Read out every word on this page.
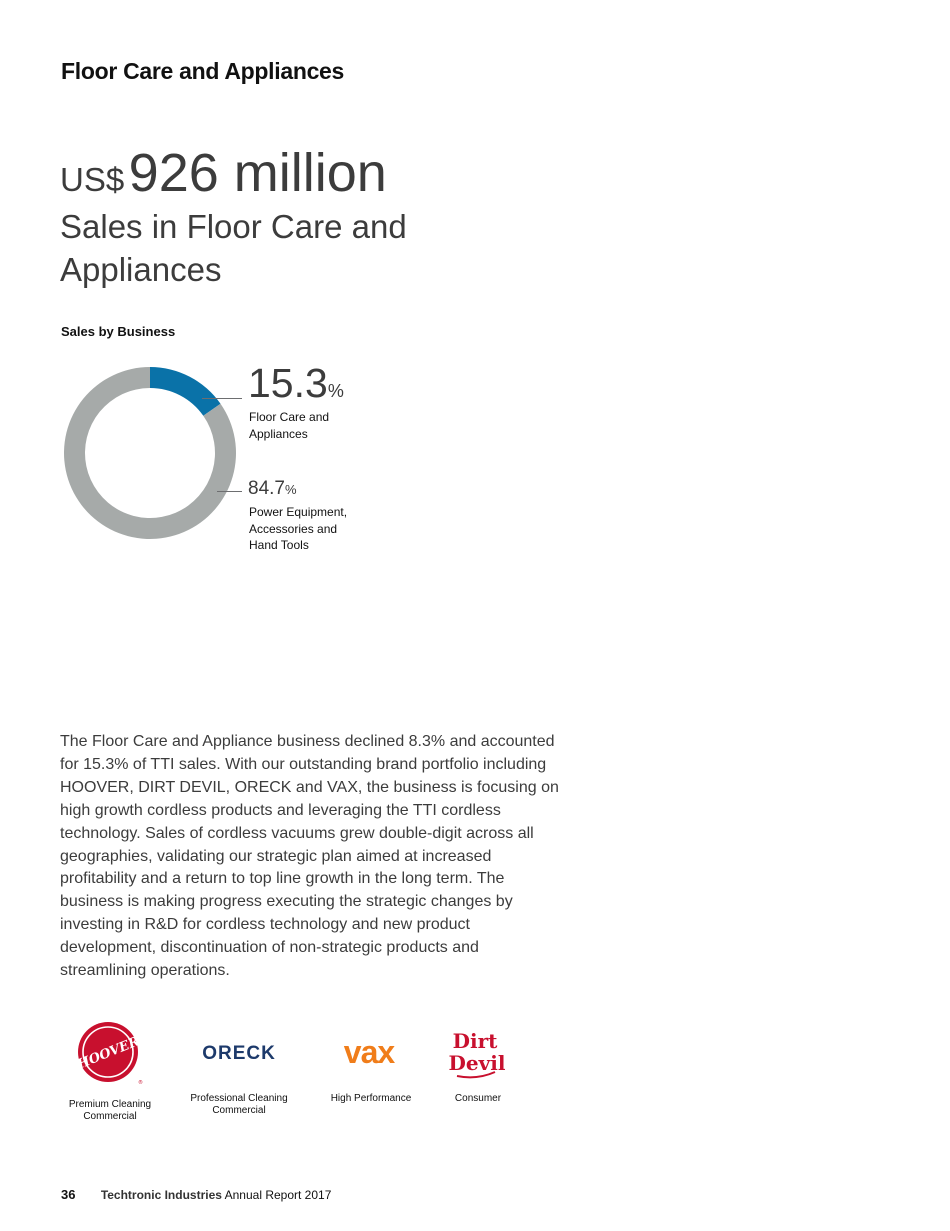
Floor Care and Appliances
US$ 926 million
Sales in Floor Care and Appliances
Sales by Business
15.3%
Floor Care and
Appliances
84.7%
Power Equipment,
Accessories and
Hand Tools

The Floor Care and Appliance business declined 8.3% and accounted for 15.3% of TTI sales. With our outstanding brand portfolio including HOOVER, DIRT DEVIL, ORECK and VAX, the business is focusing on high growth cordless products and leveraging the TTI cordless technology. Sales of cordless vacuums grew double-digit across all geographies, validating our strategic plan aimed at increased profitability and a return to top line growth in the long term. The business is making progress executing the strategic changes by investing in R&D for cordless technology and new product development, discontinuation of non-strategic products and streamlining operations.

HOOVER
®
Premium Cleaning
Commercial
ORECK
Professional Cleaning
Commercial
vax
High Performance
Dirt
Devil
Consumer
36 Techtronic Industries Annual Report 2017
